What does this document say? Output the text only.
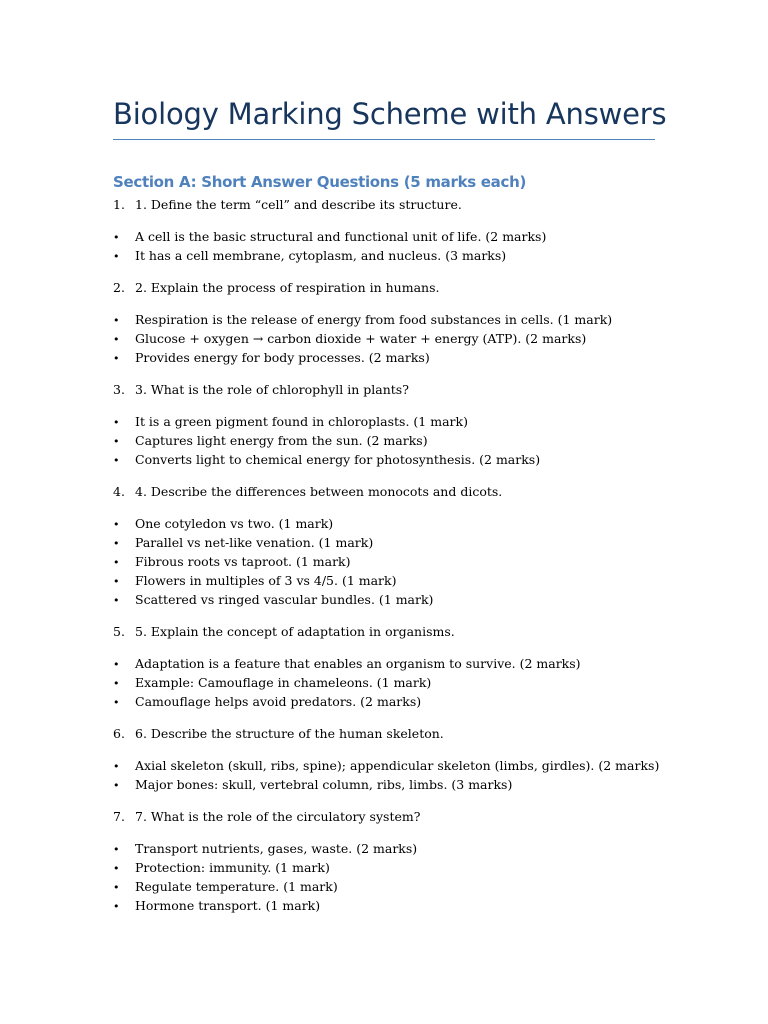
Biology Marking Scheme with Answers
Section A: Short Answer Questions (5 marks each)
1. 1. Define the term “cell” and describe its structure.
• A cell is the basic structural and functional unit of life. (2 marks)
• It has a cell membrane, cytoplasm, and nucleus. (3 marks)
2. 2. Explain the process of respiration in humans.
• Respiration is the release of energy from food substances in cells. (1 mark)
• Glucose + oxygen → carbon dioxide + water + energy (ATP). (2 marks)
• Provides energy for body processes. (2 marks)
3. 3. What is the role of chlorophyll in plants?
• It is a green pigment found in chloroplasts. (1 mark)
• Captures light energy from the sun. (2 marks)
• Converts light to chemical energy for photosynthesis. (2 marks)
4. 4. Describe the differences between monocots and dicots.
• One cotyledon vs two. (1 mark)
• Parallel vs net-like venation. (1 mark)
• Fibrous roots vs taproot. (1 mark)
• Flowers in multiples of 3 vs 4/5. (1 mark)
• Scattered vs ringed vascular bundles. (1 mark)
5. 5. Explain the concept of adaptation in organisms.
• Adaptation is a feature that enables an organism to survive. (2 marks)
• Example: Camouflage in chameleons. (1 mark)
• Camouflage helps avoid predators. (2 marks)
6. 6. Describe the structure of the human skeleton.
• Axial skeleton (skull, ribs, spine); appendicular skeleton (limbs, girdles). (2 marks)
• Major bones: skull, vertebral column, ribs, limbs. (3 marks)
7. 7. What is the role of the circulatory system?
• Transport nutrients, gases, waste. (2 marks)
• Protection: immunity. (1 mark)
• Regulate temperature. (1 mark)
• Hormone transport. (1 mark)
